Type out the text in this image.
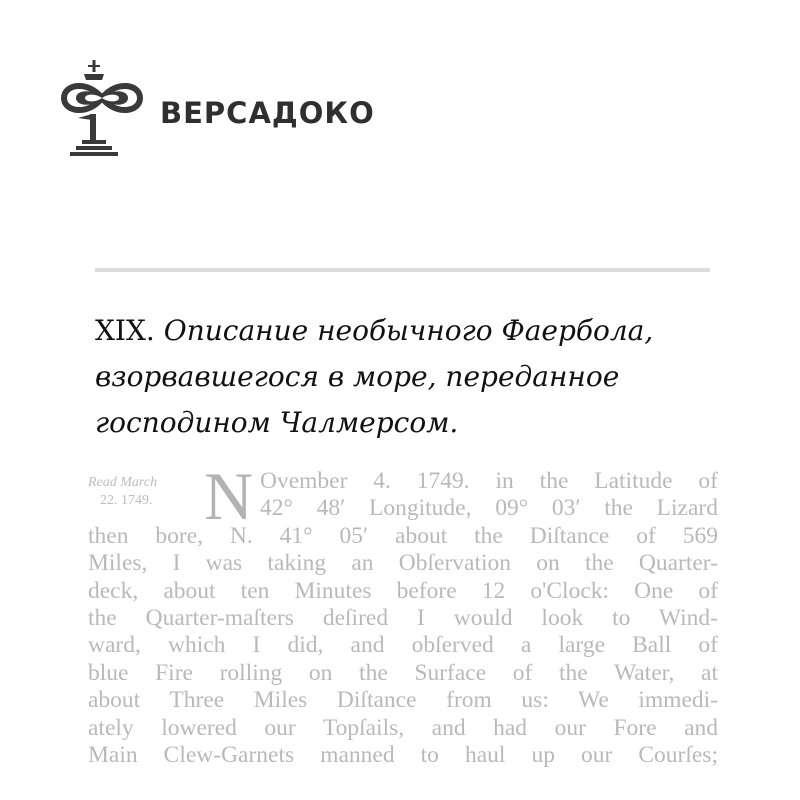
ВЕРСАДОКО
XIX. Описание необычного Фаербола,
взорвавшегося в море, переданное
господином Чалмерсом.
Read March
22. 1749. N Ovember 4. 1749. in the Latitude of
42° 48′ Longitude, 09° 03′ the Lizard
then bore, N. 41° 05′ about the Diſtance of 569
Miles, I was taking an Obſervation on the Quarter-
deck, about ten Minutes before 12 o'Clock: One of
the Quarter-maſters deſired I would look to Wind-
ward, which I did, and obſerved a large Ball of
blue Fire rolling on the Surface of the Water, at
about Three Miles Diſtance from us: We immedi-
ately lowered our Topſails, and had our Fore and
Main Clew-Garnets manned to haul up our Courſes;
